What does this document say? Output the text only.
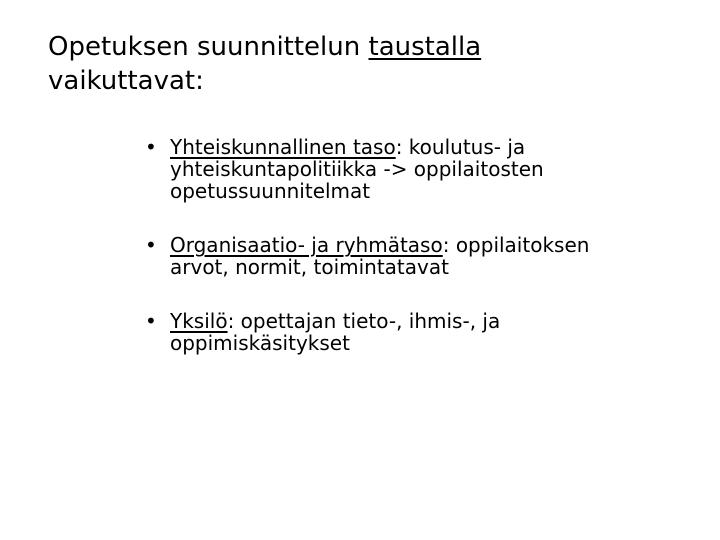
Opetuksen suunnittelun taustalla
vaikuttavat:
• Yhteiskunnallinen taso: koulutus- ja yhteiskuntapolitiikka -> oppilaitosten opetussuunnitelmat
• Organisaatio- ja ryhmätaso: oppilaitoksen arvot, normit, toimintatavat
• Yksilö: opettajan tieto-, ihmis-, ja oppimiskäsitykset
